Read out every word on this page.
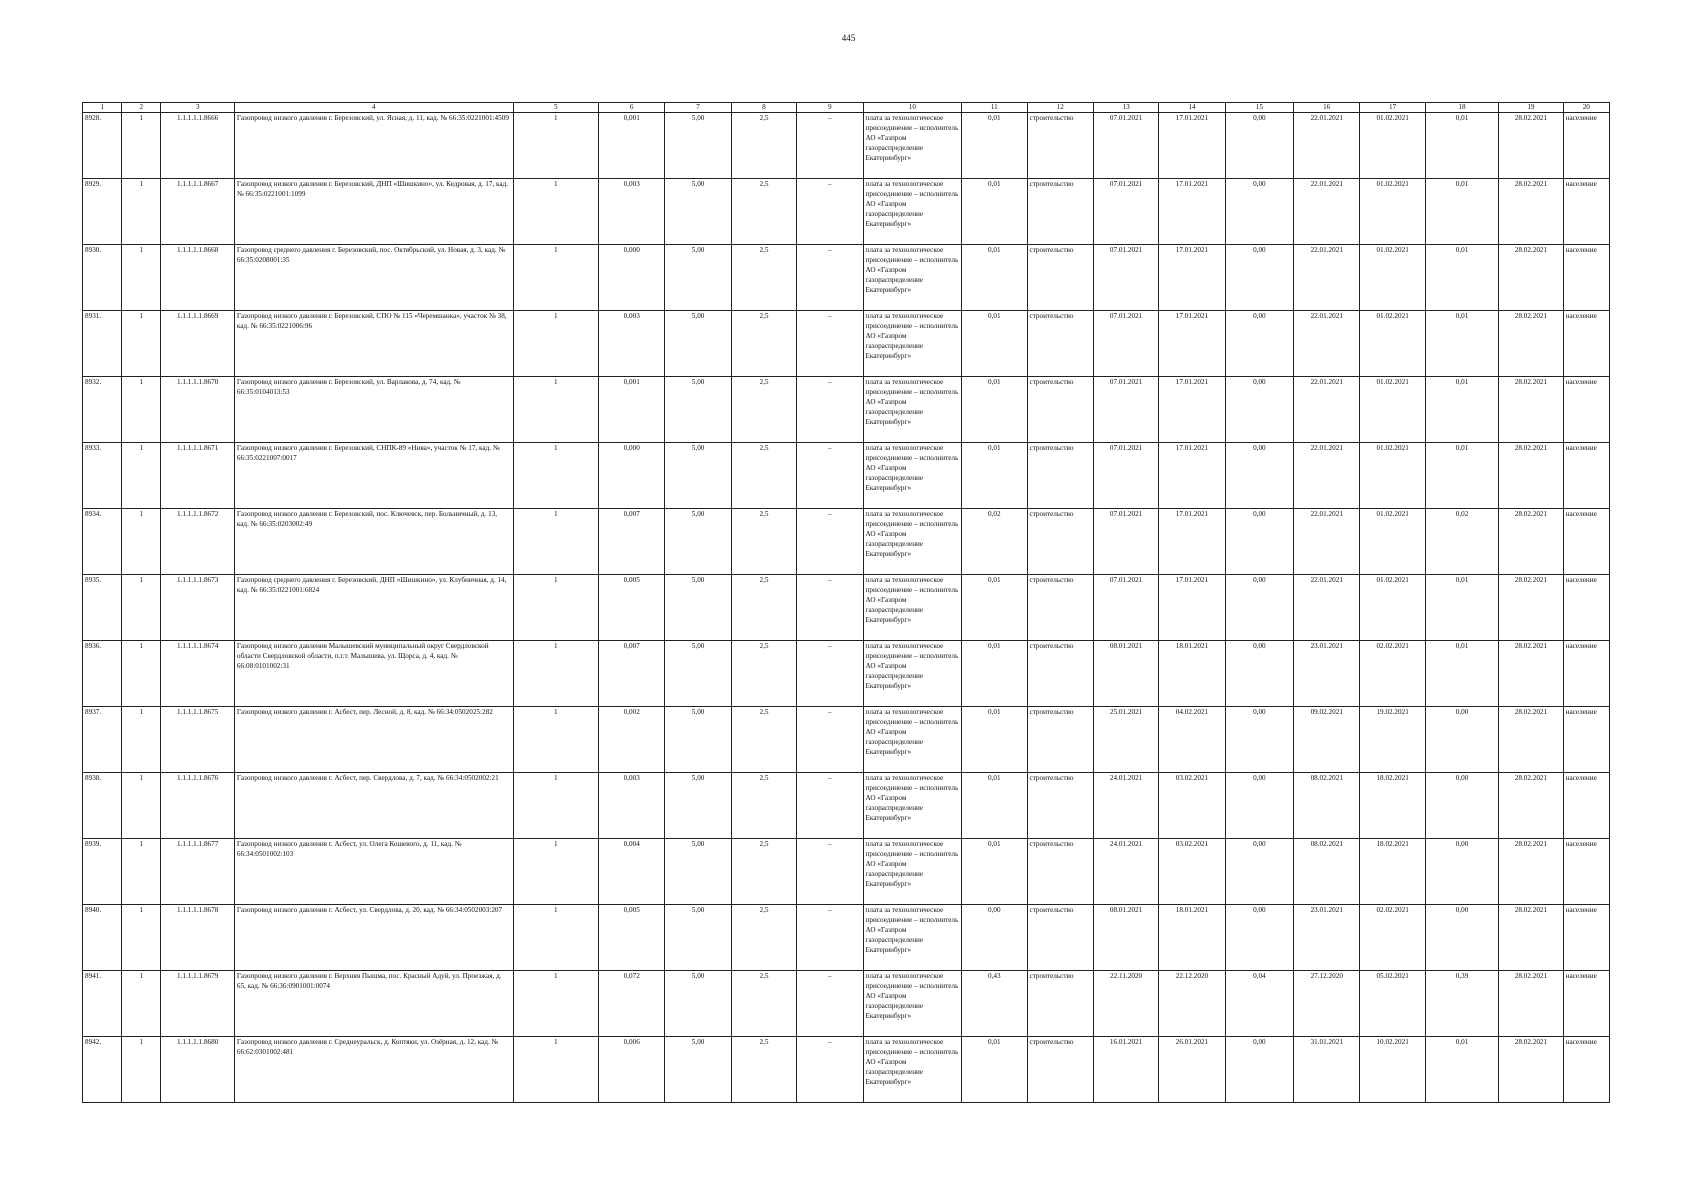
445
1	2	3	4	5	6	7	8	9	10	11	12	13	14	15	16	17	18	19	20
8928.	1	1.1.1.1.1.8666	Газопровод низкого давления г. Березовский, ул. Ясная, д. 11, кад. № 66:35:0221001:4509	1	0,001	5,00	2,5	–	плата за технологическое присоединение – исполнитель АО «Газпром газораспределение Екатеринбург»	0,01	строительство	07.01.2021	17.01.2021	0,00	22.01.2021	01.02.2021	0,01	28.02.2021	население
8929.	1	1.1.1.1.1.8667	Газопровод низкого давления г. Березовский, ДНП «Шишкино», ул. Кедровая, д. 17, кад. № 66:35:0221001:1099	1	0,003	5,00	2,5	–	плата за технологическое присоединение – исполнитель АО «Газпром газораспределение Екатеринбург»	0,01	строительство	07.01.2021	17.01.2021	0,00	22.01.2021	01.02.2021	0,01	28.02.2021	население
8930.	1	1.1.1.1.1.8668	Газопровод среднего давления г. Березовский, пос. Октябрьский, ул. Новая, д. 3, кад. № 66:35:0208001:35	1	0,000	5,00	2,5	–	плата за технологическое присоединение – исполнитель АО «Газпром газораспределение Екатеринбург»	0,01	строительство	07.01.2021	17.01.2021	0,00	22.01.2021	01.02.2021	0,01	28.02.2021	население
8931.	1	1.1.1.1.1.8669	Газопровод низкого давления г. Березовский, СПО № 115 «Черемшанка», участок № 38, кад. № 66:35:0221006:96	1	0,003	5,00	2,5	–	плата за технологическое присоединение – исполнитель АО «Газпром газораспределение Екатеринбург»	0,01	строительство	07.01.2021	17.01.2021	0,00	22.01.2021	01.02.2021	0,01	28.02.2021	население
8932.	1	1.1.1.1.1.8670	Газопровод низкого давления г. Березовский, ул. Варлакова, д. 74, кад. № 66:35:0104013:53	1	0,001	5,00	2,5	–	плата за технологическое присоединение – исполнитель АО «Газпром газораспределение Екатеринбург»	0,01	строительство	07.01.2021	17.01.2021	0,00	22.01.2021	01.02.2021	0,01	28.02.2021	население
8933.	1	1.1.1.1.1.8671	Газопровод низкого давления г. Березовский, СНПК-89 «Нива», участок № 17, кад. № 66:35:0221007:0017	1	0,000	5,00	2,5	–	плата за технологическое присоединение – исполнитель АО «Газпром газораспределение Екатеринбург»	0,01	строительство	07.01.2021	17.01.2021	0,00	22.01.2021	01.02.2021	0,01	28.02.2021	население
8934.	1	1.1.1.1.1.8672	Газопровод низкого давления г. Березовский, пос. Ключевск, пер. Больничный, д. 13, кад. № 66:35:0203002:49	1	0,007	5,00	2,5	–	плата за технологическое присоединение – исполнитель АО «Газпром газораспределение Екатеринбург»	0,02	строительство	07.01.2021	17.01.2021	0,00	22.01.2021	01.02.2021	0,02	28.02.2021	население
8935.	1	1.1.1.1.1.8673	Газопровод среднего давления г. Березовский, ДНП «Шишкино», ул. Клубничная, д. 14, кад. № 66:35:0221001:6824	1	0,005	5,00	2,5	–	плата за технологическое присоединение – исполнитель АО «Газпром газораспределение Екатеринбург»	0,01	строительство	07.01.2021	17.01.2021	0,00	22.01.2021	01.02.2021	0,01	28.02.2021	население
8936.	1	1.1.1.1.1.8674	Газопровод низкого давления Малышевский муниципальный округ Свердловской области Свердловской области, п.г.т. Малышева, ул. Щорса, д. 4, кад. № 66:08:0101002:31	1	0,007	5,00	2,5	–	плата за технологическое присоединение – исполнитель АО «Газпром газораспределение Екатеринбург»	0,01	строительство	08.01.2021	18.01.2021	0,00	23.01.2021	02.02.2021	0,01	28.02.2021	население
8937.	1	1.1.1.1.1.8675	Газопровод низкого давления г. Асбест, пер. Лесной, д. 8, кад. № 66:34:0502025:282	1	0,002	5,00	2,5	–	плата за технологическое присоединение – исполнитель АО «Газпром газораспределение Екатеринбург»	0,01	строительство	25.01.2021	04.02.2021	0,00	09.02.2021	19.02.2021	0,00	28.02.2021	население
8938.	1	1.1.1.1.1.8676	Газопровод низкого давления г. Асбест, пер. Свердлова, д. 7, кад. № 66:34:0502002:21	1	0,003	5,00	2,5	–	плата за технологическое присоединение – исполнитель АО «Газпром газораспределение Екатеринбург»	0,01	строительство	24.01.2021	03.02.2021	0,00	08.02.2021	18.02.2021	0,00	28.02.2021	население
8939.	1	1.1.1.1.1.8677	Газопровод низкого давления г. Асбест, ул. Олега Кошевого, д. 11, кад. № 66:34:0501002:103	1	0,004	5,00	2,5	–	плата за технологическое присоединение – исполнитель АО «Газпром газораспределение Екатеринбург»	0,01	строительство	24.01.2021	03.02.2021	0,00	08.02.2021	18.02.2021	0,00	28.02.2021	население
8940.	1	1.1.1.1.1.8678	Газопровод низкого давления г. Асбест, ул. Свердлова, д. 20, кад. № 66:34:0502003:207	1	0,005	5,00	2,5	–	плата за технологическое присоединение – исполнитель АО «Газпром газораспределение Екатеринбург»	0,00	строительство	08.01.2021	18.01.2021	0,00	23.01.2021	02.02.2021	0,00	28.02.2021	население
8941.	1	1.1.1.1.1.8679	Газопровод низкого давления г. Верхняя Пышма, пос. Красный Адуй, ул. Проезжая, д. 65, кад. № 66:36:0901001:0074	1	0,072	5,00	2,5	–	плата за технологическое присоединение – исполнитель АО «Газпром газораспределение Екатеринбург»	0,43	строительство	22.11.2020	22.12.2020	0,04	27.12.2020	05.02.2021	0,39	28.02.2021	население
8942.	1	1.1.1.1.1.8680	Газопровод низкого давления г. Среднеуральск, д. Коптяки, ул. Озёрная, д. 12, кад. № 66:62:0301002:481	1	0,006	5,00	2,5	–	плата за технологическое присоединение – исполнитель АО «Газпром газораспределение Екатеринбург»	0,01	строительство	16.01.2021	26.01.2021	0,00	31.01.2021	10.02.2021	0,01	28.02.2021	население
